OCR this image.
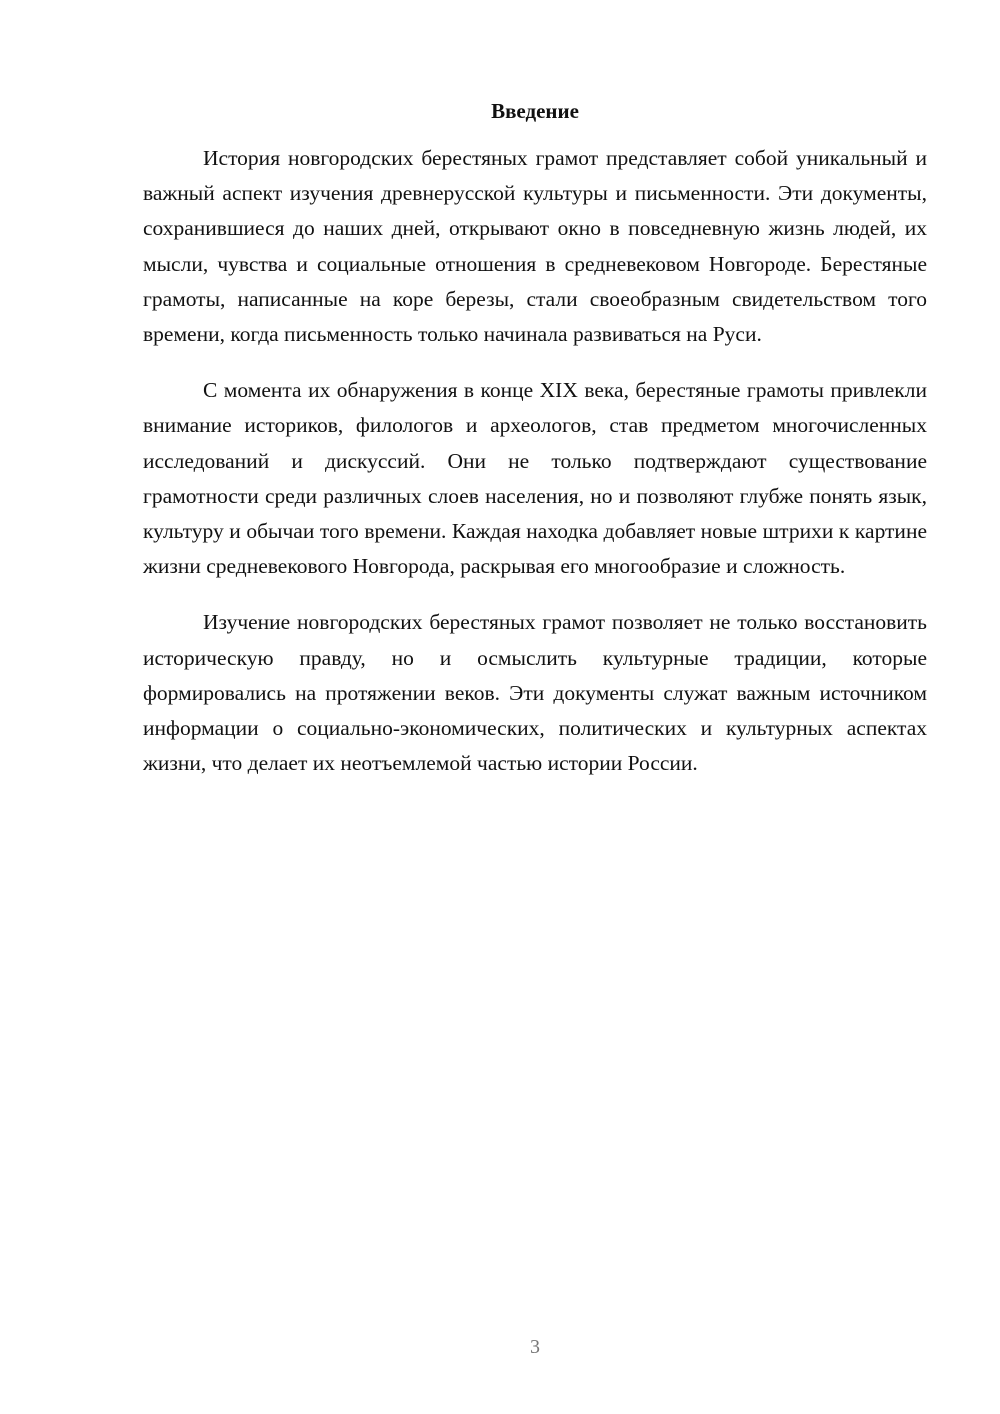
Введение

История новгородских берестяных грамот представляет собой уникальный и важный аспект изучения древнерусской культуры и письменности. Эти документы, сохранившиеся до наших дней, открывают окно в повседневную жизнь людей, их мысли, чувства и социальные отношения в средневековом Новгороде. Берестяные грамоты, написанные на коре березы, стали своеобразным свидетельством того времени, когда письменность только начинала развиваться на Руси.

С момента их обнаружения в конце XIX века, берестяные грамоты привлекли внимание историков, филологов и археологов, став предметом многочисленных исследований и дискуссий. Они не только подтверждают существование грамотности среди различных слоев населения, но и позволяют глубже понять язык, культуру и обычаи того времени. Каждая находка добавляет новые штрихи к картине жизни средневекового Новгорода, раскрывая его многообразие и сложность.

Изучение новгородских берестяных грамот позволяет не только восстановить историческую правду, но и осмыслить культурные традиции, которые формировались на протяжении веков. Эти документы служат важным источником информации о социально-экономических, политических и культурных аспектах жизни, что делает их неотъемлемой частью истории России.

3
